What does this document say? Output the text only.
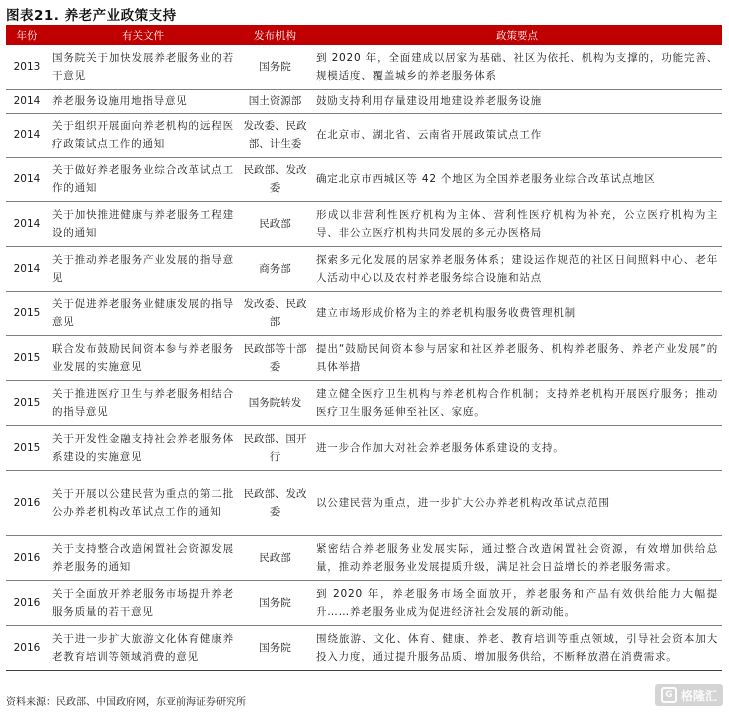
图表21. 养老产业政策支持
年份	有关文件	发布机构	政策要点
2013	国务院关于加快发展养老服务业的若干意见	国务院	到 2020 年，全面建成以居家为基础、社区为依托、机构为支撑的，功能完善、规模适度、覆盖城乡的养老服务体系
2014	养老服务设施用地指导意见	国土资源部	鼓励支持利用存量建设用地建设养老服务设施
2014	关于组织开展面向养老机构的远程医疗政策试点工作的通知	发改委、民政部、计生委	在北京市、湖北省、云南省开展政策试点工作
2014	关于做好养老服务业综合改革试点工作的通知	民政部、发改委	确定北京市西城区等 42 个地区为全国养老服务业综合改革试点地区
2014	关于加快推进健康与养老服务工程建设的通知	民政部	形成以非营利性医疗机构为主体、营利性医疗机构为补充，公立医疗机构为主导、非公立医疗机构共同发展的多元办医格局
2014	关于推动养老服务产业发展的指导意见	商务部	探索多元化发展的居家养老服务体系；建设运作规范的社区日间照料中心、老年人活动中心以及农村养老服务综合设施和站点
2015	关于促进养老服务业健康发展的指导意见	发改委、民政部	建立市场形成价格为主的养老机构服务收费管理机制
2015	联合发布鼓励民间资本参与养老服务业发展的实施意见	民政部等十部委	提出“鼓励民间资本参与居家和社区养老服务、机构养老服务、养老产业发展”的具体举措
2015	关于推进医疗卫生与养老服务相结合的指导意见	国务院转发	建立健全医疗卫生机构与养老机构合作机制；支持养老机构开展医疗服务；推动医疗卫生服务延伸至社区、家庭。
2015	关于开发性金融支持社会养老服务体系建设的实施意见	民政部、国开行	进一步合作加大对社会养老服务体系建设的支持。
2016	关于开展以公建民营为重点的第二批公办养老机构改革试点工作的通知	民政部、发改委	以公建民营为重点，进一步扩大公办养老机构改革试点范围
2016	关于支持整合改造闲置社会资源发展养老服务的通知	民政部	紧密结合养老服务业发展实际，通过整合改造闲置社会资源，有效增加供给总量，推动养老服务业发展提质升级，满足社会日益增长的养老服务需求。
2016	关于全面放开养老服务市场提升养老服务质量的若干意见	国务院	到 2020 年，养老服务市场全面放开，养老服务和产品有效供给能力大幅提升……养老服务业成为促进经济社会发展的新动能。
2016	关于进一步扩大旅游文化体育健康养老教育培训等领域消费的意见	国务院	围绕旅游、文化、体育、健康、养老、教育培训等重点领域，引导社会资本加大投入力度，通过提升服务品质、增加服务供给，不断释放潜在消费需求。
资料来源：民政部、中国政府网，东亚前海证券研究所
G 格隆汇
